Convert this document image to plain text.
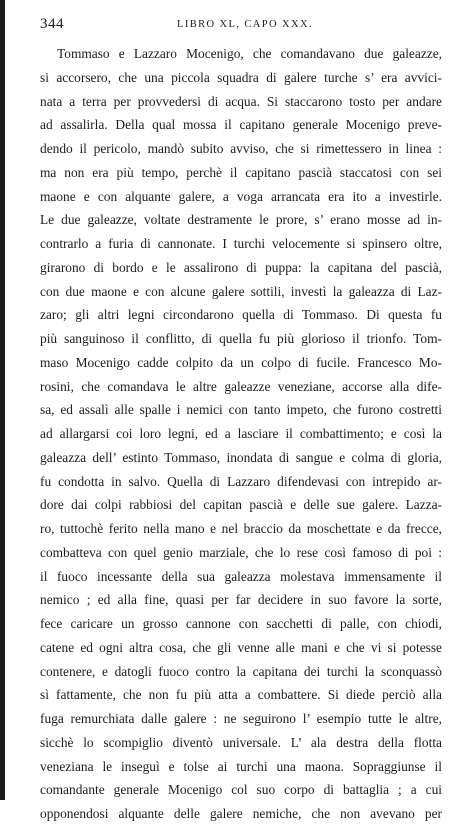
344	LIBRO XL, CAPO XXX.
Tommaso e Lazzaro Mocenigo, che comandavano due galeazze,
si accorsero, che una piccola squadra di galere turche s’ era avvici-
nata a terra per provvedersi di acqua. Si staccarono tosto per andare
ad assalirla. Della qual mossa il capitano generale Mocenigo preve-
dendo il pericolo, mandò subito avviso, che si rimettessero in linea :
ma non era più tempo, perchè il capitano pascià staccatosi con sei
maone e con alquante galere, a voga arrancata era ito a investirle.
Le due galeazze, voltate destramente le prore, s’ erano mosse ad in-
contrarlo a furia di cannonate. I turchi velocemente si spinsero oltre,
girarono di bordo e le assalirono di puppa: la capitana del pascià,
con due maone e con alcune galere sottili, investì la galeazza di Laz-
zaro; gli altri legni circondarono quella di Tommaso. Di questa fu
più sanguinoso il conflitto, di quella fu più glorioso il trionfo. Tom-
maso Mocenigo cadde colpito da un colpo di fucile. Francesco Mo-
rosini, che comandava le altre galeazze veneziane, accorse alla dife-
sa, ed assalì alle spalle i nemici con tanto impeto, che furono costretti
ad allargarsi coi loro legni, ed a lasciare il combattimento; e così la
galeazza dell’ estinto Tommaso, inondata di sangue e colma di gloria,
fu condotta in salvo. Quella di Lazzaro difendevasi con intrepido ar-
dore dai colpi rabbiosi del capitan pascià e delle sue galere. Lazza-
ro, tuttochè ferito nella mano e nel braccio da moschettate e da frecce,
combatteva con quel genio marziale, che lo rese così famoso di poi :
il fuoco incessante della sua galeazza molestava immensamente il
nemico ; ed alla fine, quasi per far decidere in suo favore la sorte,
fece caricare un grosso cannone con sacchetti di palle, con chiodi,
catene ed ogni altra cosa, che gli venne alle mani e che vi si potesse
contenere, e datogli fuoco contro la capitana dei turchi la sconquassò
sì fattamente, che non fu più atta a combattere. Si diede perciò alla
fuga remurchiata dalle galere : ne seguirono l’ esempio tutte le altre,
sicchè lo scompiglio diventò universale. L’ ala destra della flotta
veneziana le inseguì e tolse ai turchi una maona. Sopraggiunse il
comandante generale Mocenigo col suo corpo di battaglia ; a cui
opponendosi alquante delle galere nemiche, che non avevano per
